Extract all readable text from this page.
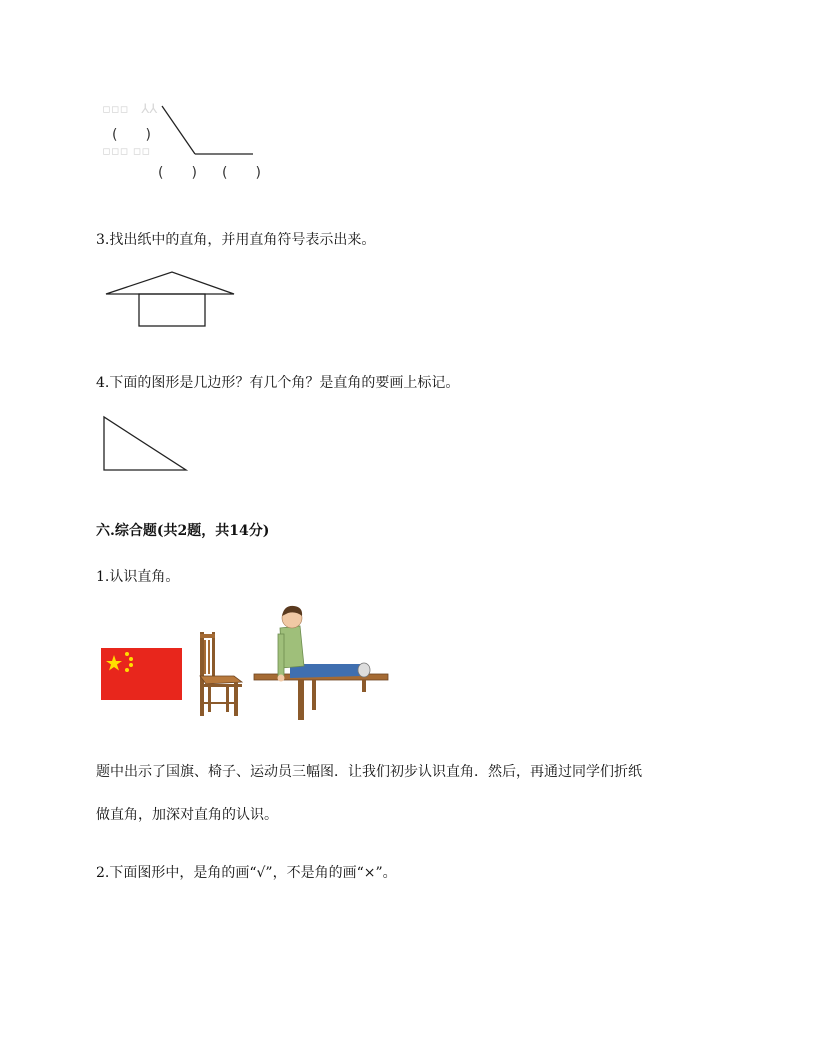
▫▫▫　⅄⅄
▫▫▫ ▫▫
(　　)
(　　) (　　)
3.找出纸中的直角，并用直角符号表示出来。
4.下面的图形是几边形？有几个角？是直角的要画上标记。
六.综合题(共2题，共14分)
1.认识直角。
题中出示了国旗、椅子、运动员三幅图．让我们初步认识直角．然后，再通过同学们折纸
做直角，加深对直角的认识。
2.下面图形中，是角的画“√”，不是角的画“×”。
